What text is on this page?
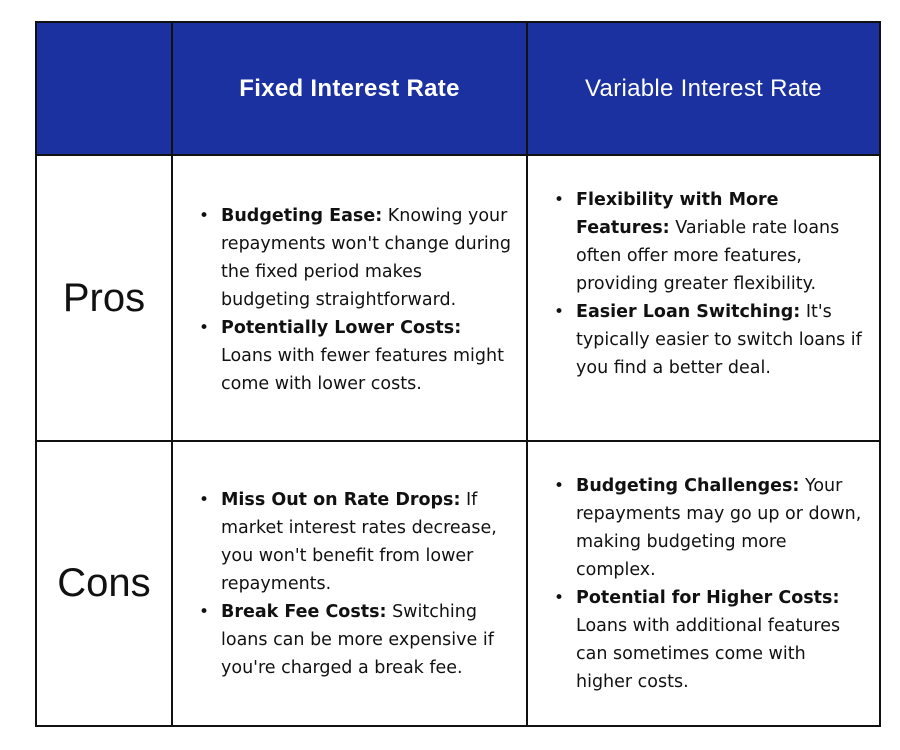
Fixed Interest Rate	Variable Interest Rate
Pros
• Budgeting Ease: Knowing your repayments won't change during the fixed period makes budgeting straightforward.
• Potentially Lower Costs: Loans with fewer features might come with lower costs.
• Flexibility with More Features: Variable rate loans often offer more features, providing greater flexibility.
• Easier Loan Switching: It's typically easier to switch loans if you find a better deal.
Cons
• Miss Out on Rate Drops: If market interest rates decrease, you won't benefit from lower repayments.
• Break Fee Costs: Switching loans can be more expensive if you're charged a break fee.
• Budgeting Challenges: Your repayments may go up or down, making budgeting more complex.
• Potential for Higher Costs: Loans with additional features can sometimes come with higher costs.
